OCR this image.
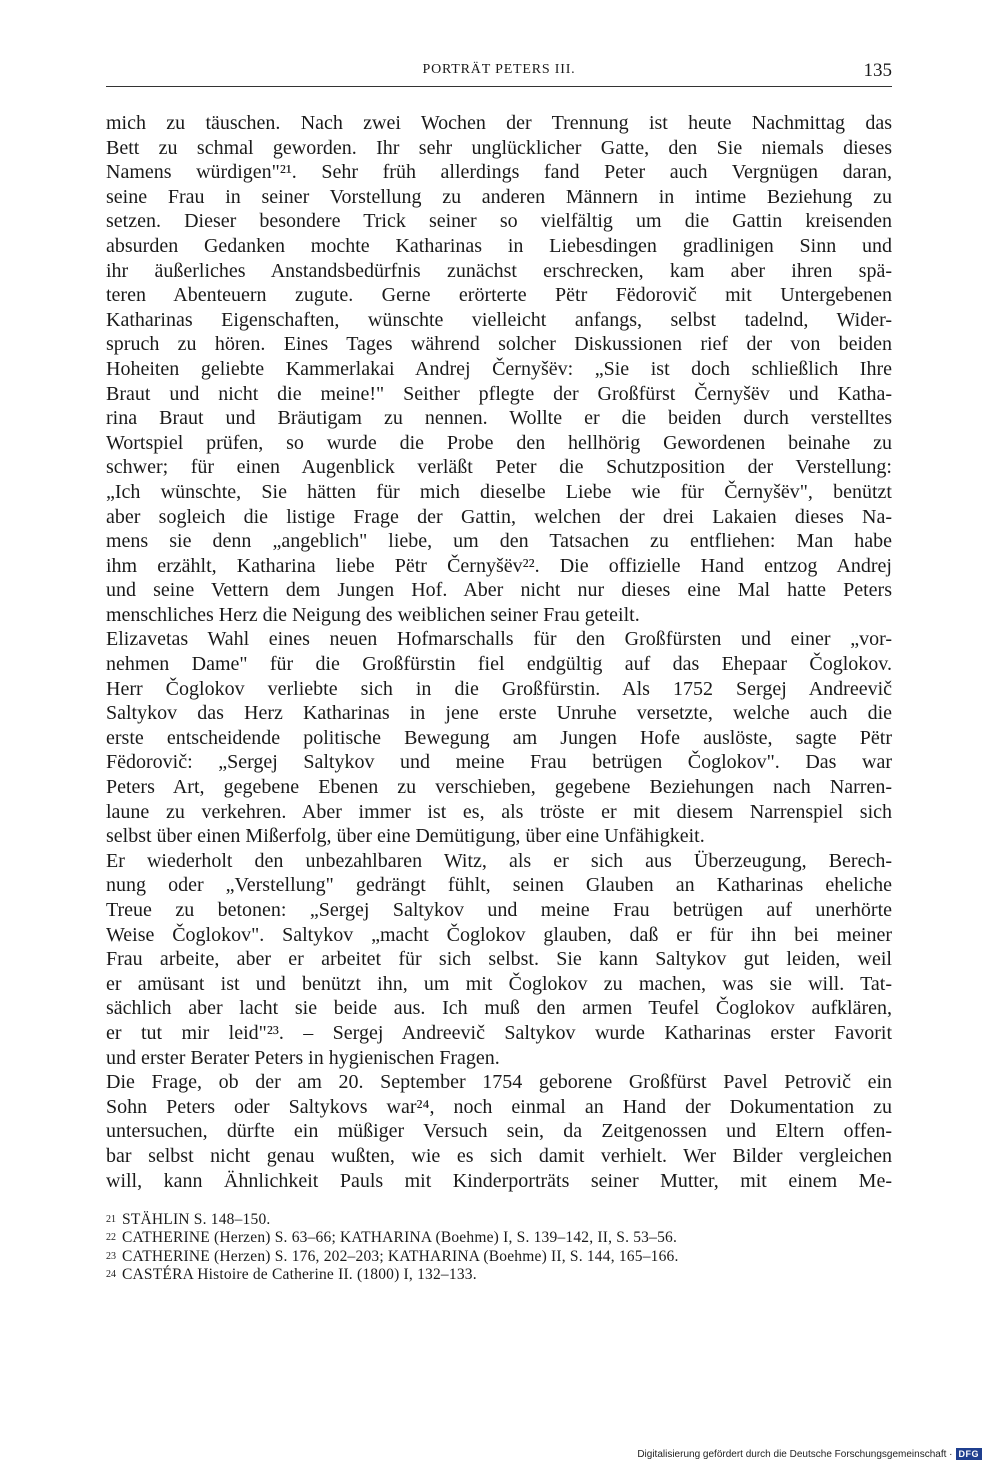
PORTRÄT PETERS III.	135
mich zu täuschen. Nach zwei Wochen der Trennung ist heute Nachmittag das
Bett zu schmal geworden. Ihr sehr unglücklicher Gatte, den Sie niemals dieses
Namens würdigen"²¹. Sehr früh allerdings fand Peter auch Vergnügen daran,
seine Frau in seiner Vorstellung zu anderen Männern in intime Beziehung zu
setzen. Dieser besondere Trick seiner so vielfältig um die Gattin kreisenden
absurden Gedanken mochte Katharinas in Liebesdingen gradlinigen Sinn und
ihr äußerliches Anstandsbedürfnis zunächst erschrecken, kam aber ihren spä-
teren Abenteuern zugute. Gerne erörterte Pëtr Fëdorovič mit Untergebenen
Katharinas Eigenschaften, wünschte vielleicht anfangs, selbst tadelnd, Wider-
spruch zu hören. Eines Tages während solcher Diskussionen rief der von beiden
Hoheiten geliebte Kammerlakai Andrej Černyšëv: „Sie ist doch schließlich Ihre
Braut und nicht die meine!" Seither pflegte der Großfürst Černyšëv und Katha-
rina Braut und Bräutigam zu nennen. Wollte er die beiden durch verstelltes
Wortspiel prüfen, so wurde die Probe den hellhörig Gewordenen beinahe zu
schwer; für einen Augenblick verläßt Peter die Schutzposition der Verstellung:
„Ich wünschte, Sie hätten für mich dieselbe Liebe wie für Černyšëv", benützt
aber sogleich die listige Frage der Gattin, welchen der drei Lakaien dieses Na-
mens sie denn „angeblich" liebe, um den Tatsachen zu entfliehen: Man habe
ihm erzählt, Katharina liebe Pëtr Černyšëv²². Die offizielle Hand entzog Andrej
und seine Vettern dem Jungen Hof. Aber nicht nur dieses eine Mal hatte Peters
menschliches Herz die Neigung des weiblichen seiner Frau geteilt.
Elizavetas Wahl eines neuen Hofmarschalls für den Großfürsten und einer „vor-
nehmen Dame" für die Großfürstin fiel endgültig auf das Ehepaar Čoglokov.
Herr Čoglokov verliebte sich in die Großfürstin. Als 1752 Sergej Andreevič
Saltykov das Herz Katharinas in jene erste Unruhe versetzte, welche auch die
erste entscheidende politische Bewegung am Jungen Hofe auslöste, sagte Pëtr
Fëdorovič: „Sergej Saltykov und meine Frau betrügen Čoglokov". Das war
Peters Art, gegebene Ebenen zu verschieben, gegebene Beziehungen nach Narren-
laune zu verkehren. Aber immer ist es, als tröste er mit diesem Narrenspiel sich
selbst über einen Mißerfolg, über eine Demütigung, über eine Unfähigkeit.
Er wiederholt den unbezahlbaren Witz, als er sich aus Überzeugung, Berech-
nung oder „Verstellung" gedrängt fühlt, seinen Glauben an Katharinas eheliche
Treue zu betonen: „Sergej Saltykov und meine Frau betrügen auf unerhörte
Weise Čoglokov". Saltykov „macht Čoglokov glauben, daß er für ihn bei meiner
Frau arbeite, aber er arbeitet für sich selbst. Sie kann Saltykov gut leiden, weil
er amüsant ist und benützt ihn, um mit Čoglokov zu machen, was sie will. Tat-
sächlich aber lacht sie beide aus. Ich muß den armen Teufel Čoglokov aufklären,
er tut mir leid"²³. – Sergej Andreevič Saltykov wurde Katharinas erster Favorit
und erster Berater Peters in hygienischen Fragen.
Die Frage, ob der am 20. September 1754 geborene Großfürst Pavel Petrovič ein
Sohn Peters oder Saltykovs war²⁴, noch einmal an Hand der Dokumentation zu
untersuchen, dürfte ein müßiger Versuch sein, da Zeitgenossen und Eltern offen-
bar selbst nicht genau wußten, wie es sich damit verhielt. Wer Bilder vergleichen
will, kann Ähnlichkeit Pauls mit Kinderporträts seiner Mutter, mit einem Me-
21 STÄHLIN S. 148–150.
22 CATHERINE (Herzen) S. 63–66; KATHARINA (Boehme) I, S. 139–142, II, S. 53–56.
23 CATHERINE (Herzen) S. 176, 202–203; KATHARINA (Boehme) II, S. 144, 165–166.
24 CASTÉRA Histoire de Catherine II. (1800) I, 132–133.
Digitalisierung gefördert durch die Deutsche Forschungsgemeinschaft · DFG
